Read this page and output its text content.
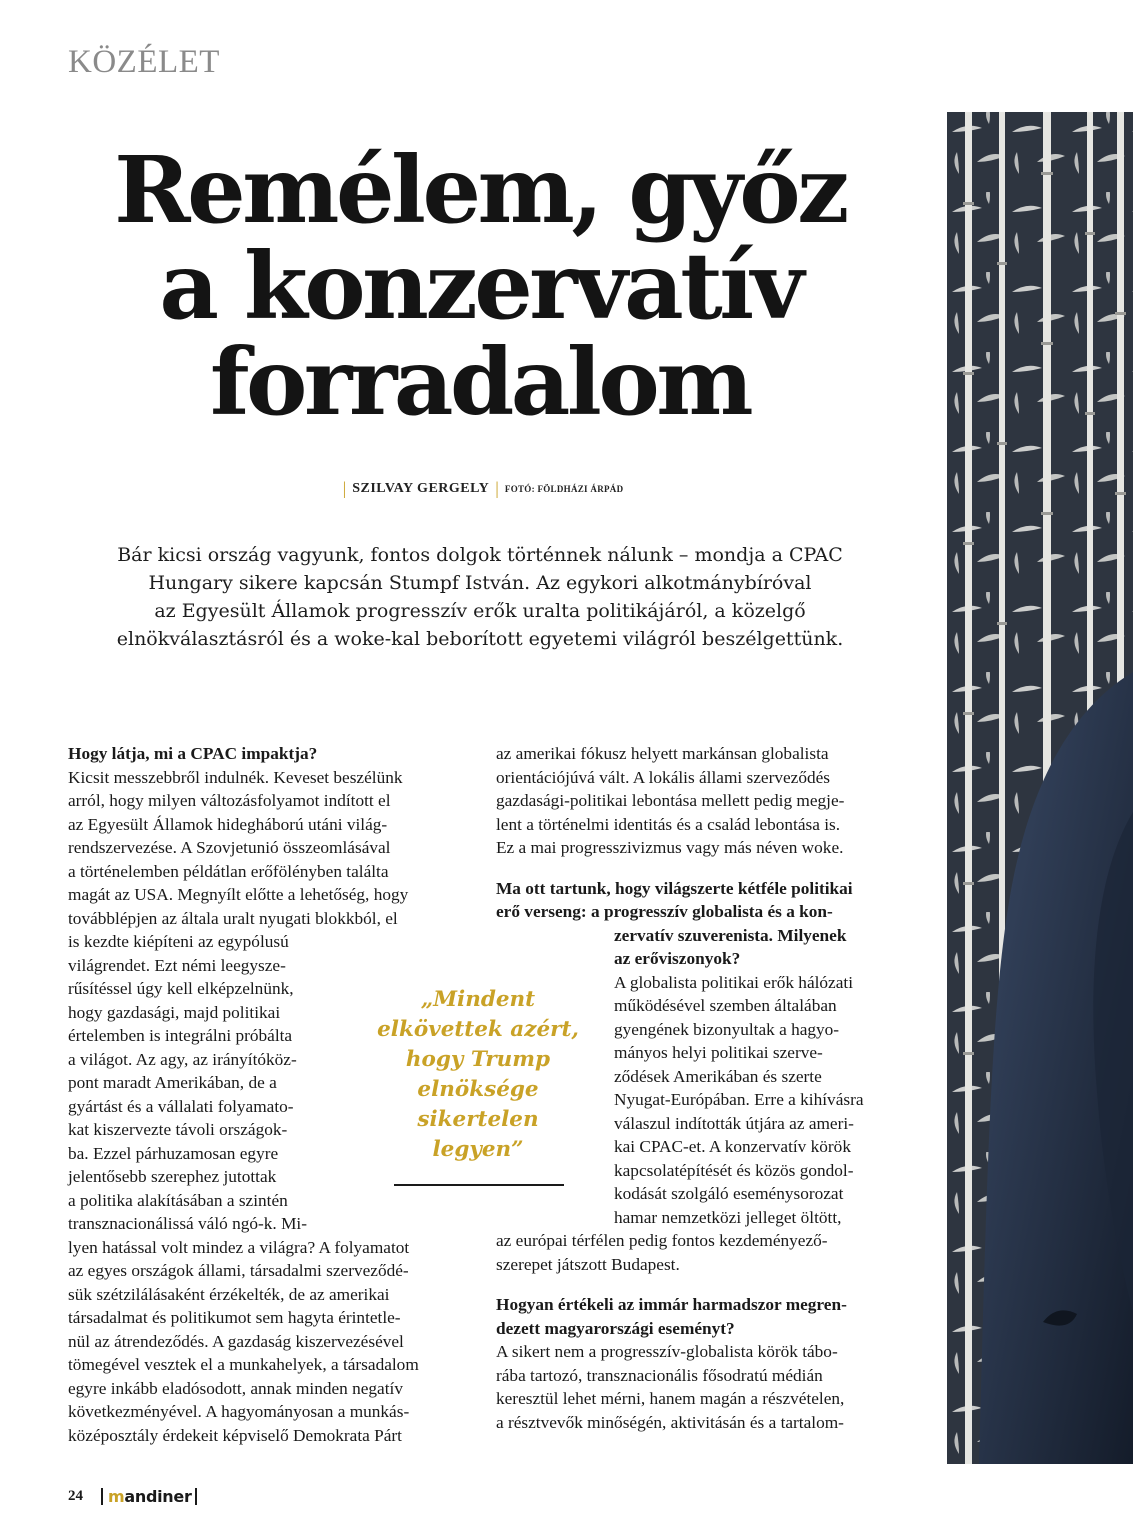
KÖZÉLET
Remélem, győz
a konzervatív
forradalom
| SZILVAY GERGELY | FOTÓ: FÖLDHÁZI ÁRPÁD
Bár kicsi ország vagyunk, fontos dolgok történnek nálunk – mondja a CPAC
Hungary sikere kapcsán Stumpf István. Az egykori alkotmánybíróval
az Egyesült Államok progresszív erők uralta politikájáról, a közelgő
elnökválasztásról és a woke-kal beborított egyetemi világról beszélgettünk.
Hogy látja, mi a CPAC impaktja?
Kicsit messzebbről indulnék. Keveset beszélünk
arról, hogy milyen változásfolyamot indított el
az Egyesült Államok hidegháború utáni világ-
rendszervezése. A Szovjetunió összeomlásával
a történelemben példátlan erőfölényben találta
magát az USA. Megnyílt előtte a lehetőség, hogy
továbblépjen az általa uralt nyugati blokkból, el
is kezdte kiépíteni az egypólusú
világrendet. Ezt némi leegysze-
rűsítéssel úgy kell elképzelnünk,
hogy gazdasági, majd politikai
értelemben is integrálni próbálta
a világot. Az agy, az irányítóköz-
pont maradt Amerikában, de a
gyártást és a vállalati folyamato-
kat kiszervezte távoli országok-
ba. Ezzel párhuzamosan egyre
jelentősebb szerephez jutottak
a politika alakításában a szintén
transznacionálissá váló ngó-k. Mi-
lyen hatással volt mindez a világra? A folyamatot
az egyes országok állami, társadalmi szerveződé-
sük szétzilálásaként érzékelték, de az amerikai
társadalmat és politikumot sem hagyta érintetle-
nül az átrendeződés. A gazdaság kiszervezésével
tömegével vesztek el a munkahelyek, a társadalom
egyre inkább eladósodott, annak minden negatív
következményével. A hagyományosan a munkás-
középosztály érdekeit képviselő Demokrata Párt
az amerikai fókusz helyett markánsan globalista
orientációjúvá vált. A lokális állami szerveződés
gazdasági-politikai lebontása mellett pedig megje-
lent a történelmi identitás és a család lebontása is.
Ez a mai progresszivizmus vagy más néven woke.
Ma ott tartunk, hogy világszerte kétféle politikai
erő verseng: a progresszív globalista és a kon-
zervatív szuverenista. Milyenek
az erőviszonyok?
A globalista politikai erők hálózati
működésével szemben általában
gyengének bizonyultak a hagyo-
mányos helyi politikai szerve-
ződések Amerikában és szerte
Nyugat-Európában. Erre a kihívásra
válaszul indították útjára az ameri-
kai CPAC-et. A konzervatív körök
kapcsolatépítését és közös gondol-
kodását szolgáló eseménysorozat
hamar nemzetközi jelleget öltött,
az európai térfélen pedig fontos kezdeményező-
szerepet játszott Budapest.
Hogyan értékeli az immár harmadszor megren-
dezett magyarországi eseményt?
A sikert nem a progresszív-globalista körök tábo-
rába tartozó, transznacionális fősodratú médián
keresztül lehet mérni, hanem magán a részvételen,
a résztvevők minőségén, aktivitásán és a tartalom-
„Mindent
elkövettek azért,
hogy Trump
elnöksége
sikertelen
legyen”
24	mandiner
